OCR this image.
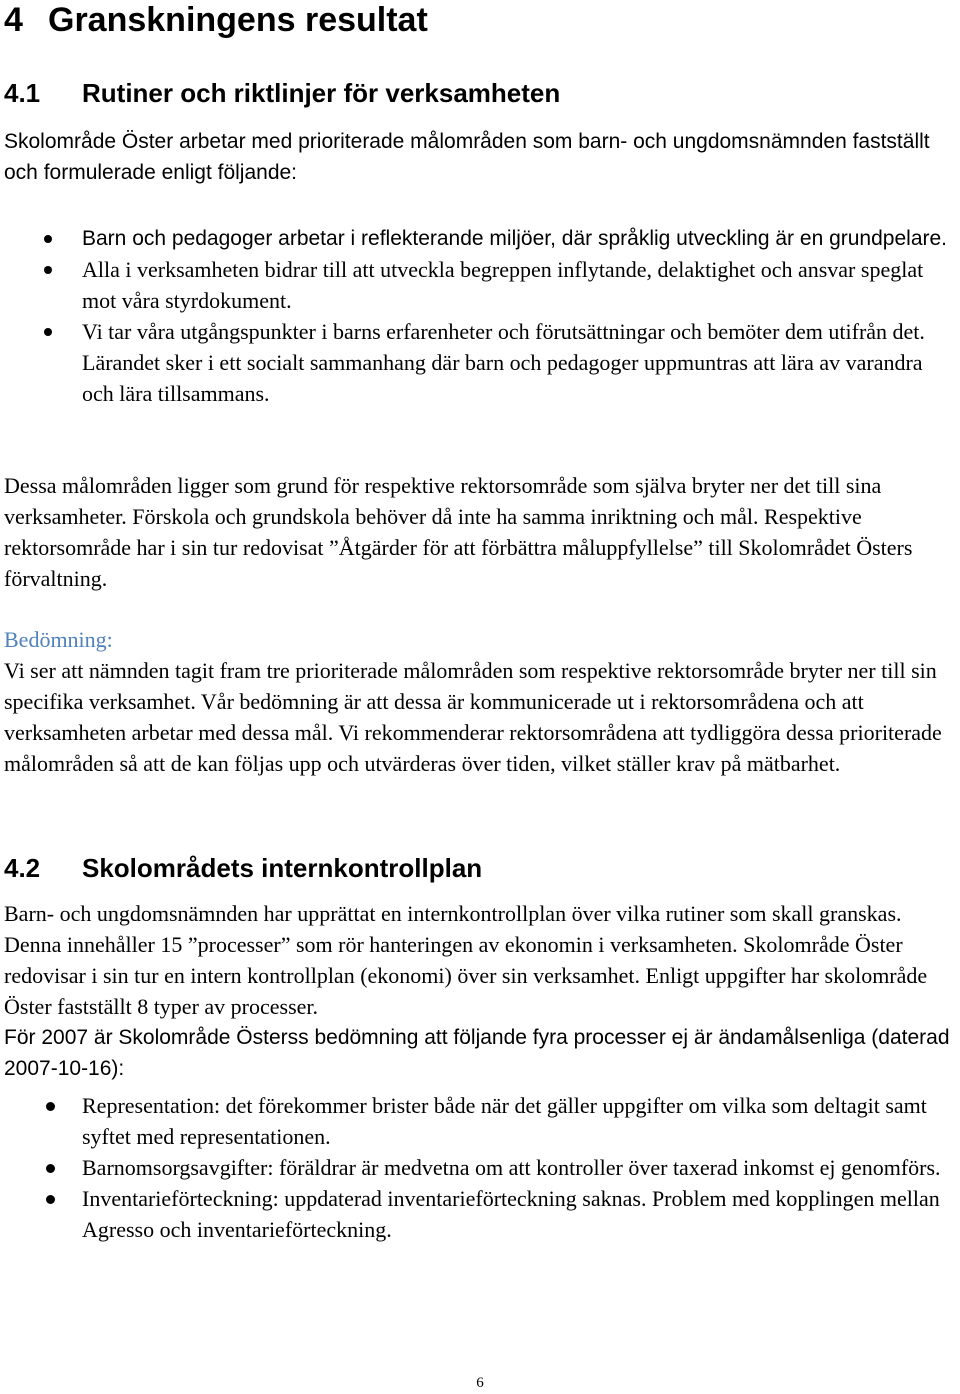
4 Granskningens resultat
4.1 Rutiner och riktlinjer för verksamheten

Skolområde Öster arbetar med prioriterade målområden som barn- och ungdomsnämnden fastställt och formulerade enligt följande:

Barn och pedagoger arbetar i reflekterande miljöer, där språklig utveckling är en grundpelare.
Alla i verksamheten bidrar till att utveckla begreppen inflytande, delaktighet och ansvar speglat mot våra styrdokument.
Vi tar våra utgångspunkter i barns erfarenheter och förutsättningar och bemöter dem utifrån det. Lärandet sker i ett socialt sammanhang där barn och pedagoger uppmuntras att lära av varandra och lära tillsammans.

Dessa målområden ligger som grund för respektive rektorsområde som själva bryter ner det till sina verksamheter. Förskola och grundskola behöver då inte ha samma inriktning och mål. Respektive rektorsområde har i sin tur redovisat ”Åtgärder för att förbättra måluppfyllelse” till Skolområdet Östers förvaltning.

Bedömning:

Vi ser att nämnden tagit fram tre prioriterade målområden som respektive rektorsområde bryter ner till sin specifika verksamhet. Vår bedömning är att dessa är kommunicerade ut i rektorsområdena och att verksamheten arbetar med dessa mål. Vi rekommenderar rektorsområdena att tydliggöra dessa prioriterade målområden så att de kan följas upp och utvärderas över tiden, vilket ställer krav på mätbarhet.

4.2 Skolområdets internkontrollplan

Barn- och ungdomsnämnden har upprättat en internkontrollplan över vilka rutiner som skall granskas. Denna innehåller 15 ”processer” som rör hanteringen av ekonomin i verksamheten. Skolområde Öster redovisar i sin tur en intern kontrollplan (ekonomi) över sin verksamhet. Enligt uppgifter har skolområde Öster fastställt 8 typer av processer.

För 2007 är Skolområde Österss bedömning att följande fyra processer ej är ändamålsenliga (daterad 2007-10-16):

Representation: det förekommer brister både när det gäller uppgifter om vilka som deltagit samt syftet med representationen.
Barnomsorgsavgifter: föräldrar är medvetna om att kontroller över taxerad inkomst ej genomförs.
Inventarieförteckning: uppdaterad inventarieförteckning saknas. Problem med kopplingen mellan Agresso och inventarieförteckning.
6
